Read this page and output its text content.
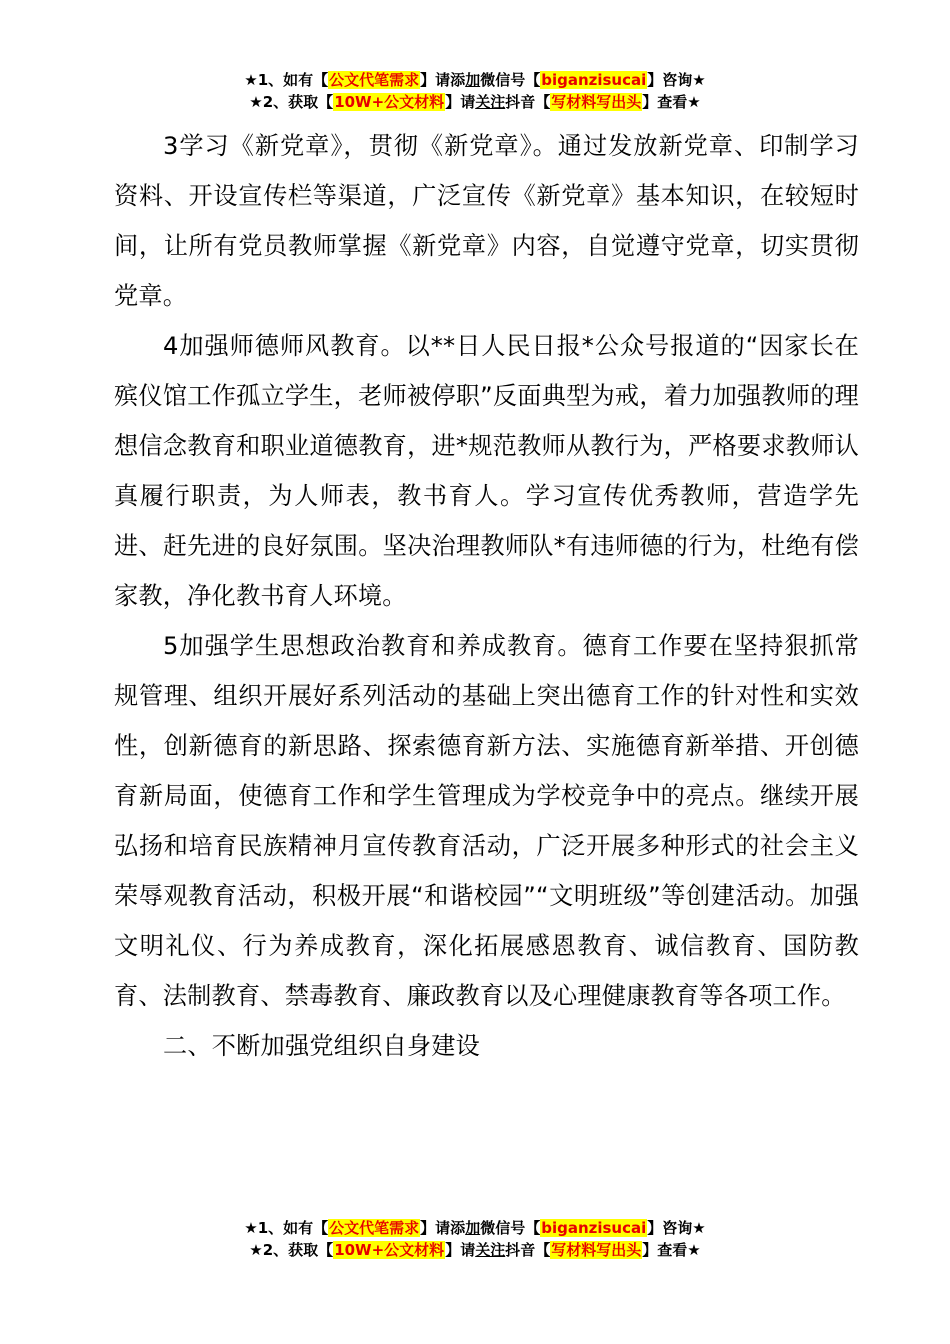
★1、如有【公文代笔需求】请添加微信号【biganzisucai】咨询★
★2、获取【10W+公文材料】请关注抖音【写材料写出头】查看★

3学习《新党章》，贯彻《新党章》。通过发放新党章、印制学习资料、开设宣传栏等渠道，广泛宣传《新党章》基本知识，在较短时间，让所有党员教师掌握《新党章》内容，自觉遵守党章，切实贯彻党章。

4加强师德师风教育。以**日人民日报*公众号报道的“因家长在殡仪馆工作孤立学生，老师被停职”反面典型为戒，着力加强教师的理想信念教育和职业道德教育，进*规范教师从教行为，严格要求教师认真履行职责，为人师表，教书育人。学习宣传优秀教师，营造学先进、赶先进的良好氛围。坚决治理教师队*有违师德的行为，杜绝有偿家教，净化教书育人环境。

5加强学生思想政治教育和养成教育。德育工作要在坚持狠抓常规管理、组织开展好系列活动的基础上突出德育工作的针对性和实效性，创新德育的新思路、探索德育新方法、实施德育新举措、开创德育新局面，使德育工作和学生管理成为学校竞争中的亮点。继续开展弘扬和培育民族精神月宣传教育活动，广泛开展多种形式的社会主义荣辱观教育活动，积极开展“和谐校园”“文明班级”等创建活动。加强文明礼仪、行为养成教育，深化拓展感恩教育、诚信教育、国防教育、法制教育、禁毒教育、廉政教育以及心理健康教育等各项工作。

二、不断加强党组织自身建设

★1、如有【公文代笔需求】请添加微信号【biganzisucai】咨询★
★2、获取【10W+公文材料】请关注抖音【写材料写出头】查看★
